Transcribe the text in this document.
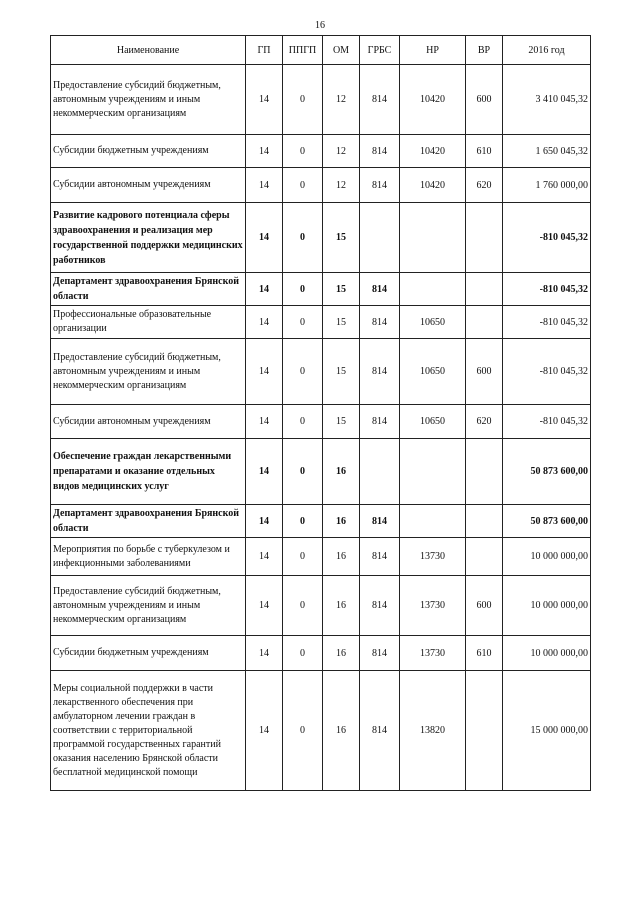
16
Наименование	ГП	ППГП	ОМ	ГРБС	НР	ВР	2016 год
Предоставление субсидий бюджетным, автономным учреждениям и иным некоммерческим организациям	14	0	12	814	10420	600	3 410 045,32
Субсидии бюджетным учреждениям	14	0	12	814	10420	610	1 650 045,32
Субсидии автономным учреждениям	14	0	12	814	10420	620	1 760 000,00
Развитие кадрового потенциала сферы здравоохранения и реализация мер государственной поддержки медицинских работников	14	0	15				-810 045,32
Департамент здравоохранения Брянской области	14	0	15	814			-810 045,32
Профессиональные образовательные организации	14	0	15	814	10650		-810 045,32
Предоставление субсидий бюджетным, автономным учреждениям и иным некоммерческим организациям	14	0	15	814	10650	600	-810 045,32
Субсидии автономным учреждениям	14	0	15	814	10650	620	-810 045,32
Обеспечение граждан лекарственными препаратами и оказание отдельных видов медицинских услуг	14	0	16				50 873 600,00
Департамент здравоохранения Брянской области	14	0	16	814			50 873 600,00
Мероприятия по борьбе с туберкулезом и инфекционными заболеваниями	14	0	16	814	13730		10 000 000,00
Предоставление субсидий бюджетным, автономным учреждениям и иным некоммерческим организациям	14	0	16	814	13730	600	10 000 000,00
Субсидии бюджетным учреждениям	14	0	16	814	13730	610	10 000 000,00
Меры социальной поддержки в части лекарственного обеспечения при амбулаторном лечении граждан в соответствии с территориальной программой государственных гарантий оказания населению Брянской области бесплатной медицинской помощи	14	0	16	814	13820		15 000 000,00
